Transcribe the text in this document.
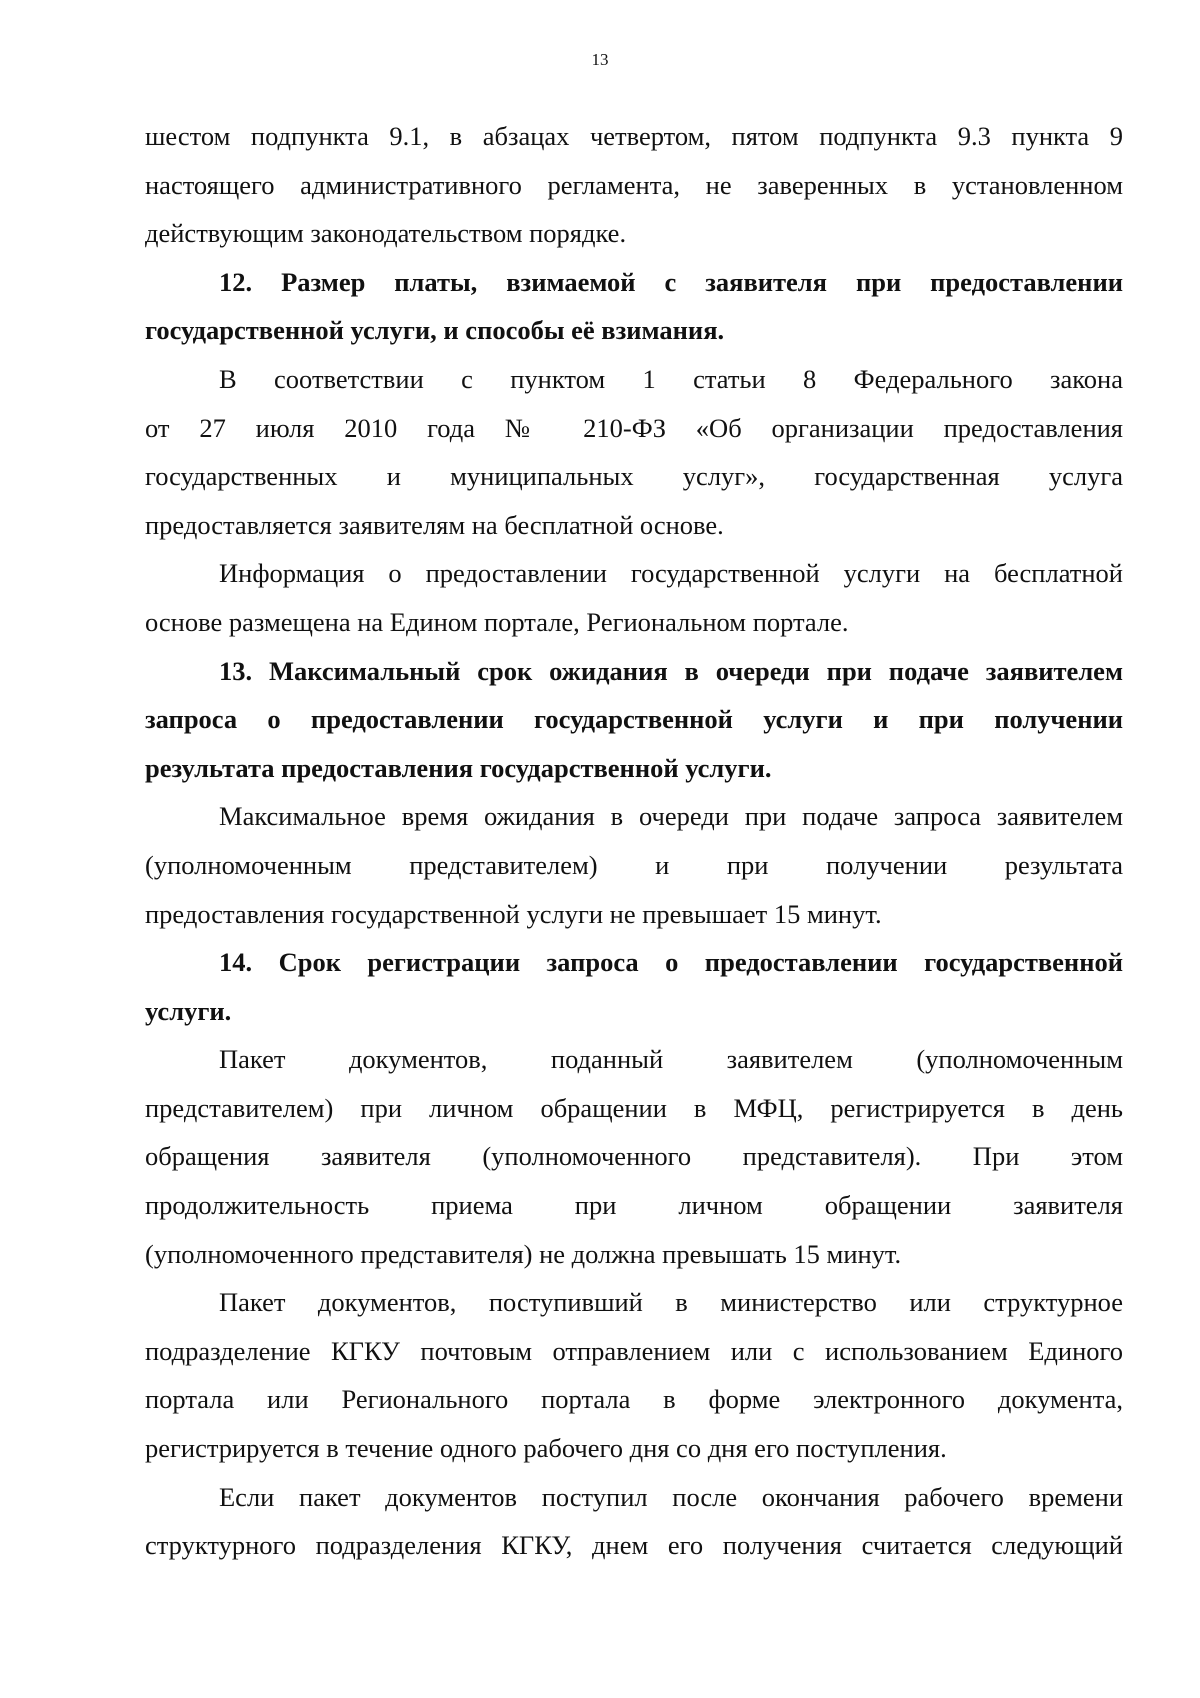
13
шестом подпункта 9.1, в абзацах четвертом, пятом подпункта 9.3 пункта 9
настоящего административного регламента, не заверенных в установленном
действующим законодательством порядке.
12. Размер платы, взимаемой с заявителя при предоставлении
государственной услуги, и способы её взимания.
В соответствии с пунктом 1 статьи 8 Федерального закона
от 27 июля 2010 года № 210-ФЗ «Об организации предоставления
государственных и муниципальных услуг», государственная услуга
предоставляется заявителям на бесплатной основе.
Информация о предоставлении государственной услуги на бесплатной
основе размещена на Едином портале, Региональном портале.
13. Максимальный срок ожидания в очереди при подаче заявителем
запроса о предоставлении государственной услуги и при получении
результата предоставления государственной услуги.
Максимальное время ожидания в очереди при подаче запроса заявителем
(уполномоченным представителем) и при получении результата
предоставления государственной услуги не превышает 15 минут.
14. Срок регистрации запроса о предоставлении государственной
услуги.
Пакет документов, поданный заявителем (уполномоченным
представителем) при личном обращении в МФЦ, регистрируется в день
обращения заявителя (уполномоченного представителя). При этом
продолжительность приема при личном обращении заявителя
(уполномоченного представителя) не должна превышать 15 минут.
Пакет документов, поступивший в министерство или структурное
подразделение КГКУ почтовым отправлением или с использованием Единого
портала или Регионального портала в форме электронного документа,
регистрируется в течение одного рабочего дня со дня его поступления.
Если пакет документов поступил после окончания рабочего времени
структурного подразделения КГКУ, днем его получения считается следующий
